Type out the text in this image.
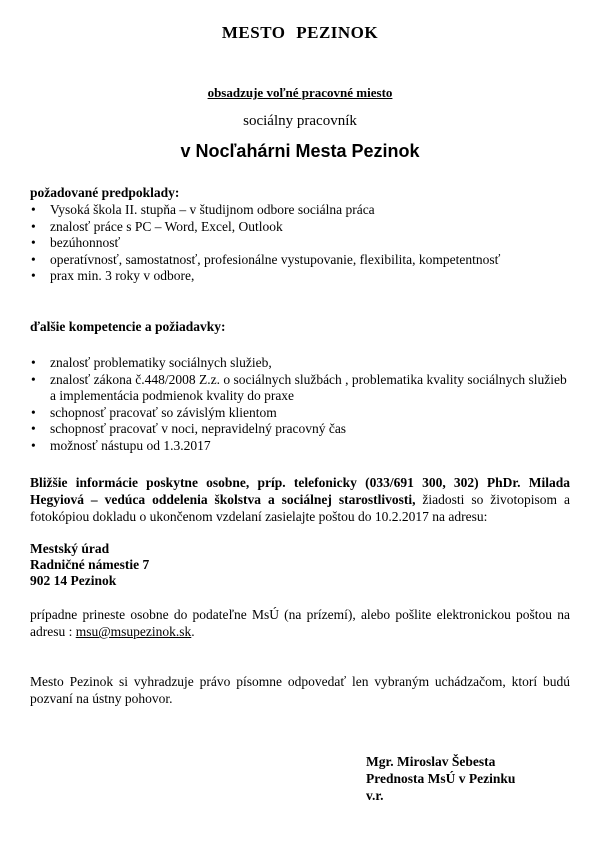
MESTO PEZINOK
obsadzuje voľné pracovné miesto
sociálny pracovník
v Nocľahárni Mesta Pezinok
požadované predpoklady:
• Vysoká škola II. stupňa – v študijnom odbore sociálna práca
• znalosť práce s PC – Word, Excel, Outlook
• bezúhonnosť
• operatívnosť, samostatnosť, profesionálne vystupovanie, flexibilita, kompetentnosť
• prax min. 3 roky v odbore,
ďalšie kompetencie a požiadavky:
• znalosť problematiky sociálnych služieb,
• znalosť zákona č.448/2008 Z.z. o sociálnych službách , problematika kvality sociálnych služieb a implementácia podmienok kvality do praxe
• schopnosť pracovať so závislým klientom
• schopnosť pracovať v noci, nepravidelný pracovný čas
• možnosť nástupu od 1.3.2017
Bližšie informácie poskytne osobne, príp. telefonicky (033/691 300, 302) PhDr. Milada Hegyiová – vedúca oddelenia školstva a sociálnej starostlivosti, žiadosti so životopisom a fotokópiou dokladu o ukončenom vzdelaní zasielajte poštou do 10.2.2017 na adresu:
Mestský úrad
Radničné námestie 7
902 14 Pezinok
prípadne prineste osobne do podateľne MsÚ (na prízemí), alebo pošlite elektronickou poštou na adresu : msu@msupezinok.sk.
Mesto Pezinok si vyhradzuje právo písomne odpovedať len vybraným uchádzačom, ktorí budú pozvaní na ústny pohovor.
Mgr. Miroslav Šebesta
Prednosta MsÚ v Pezinku
v.r.
